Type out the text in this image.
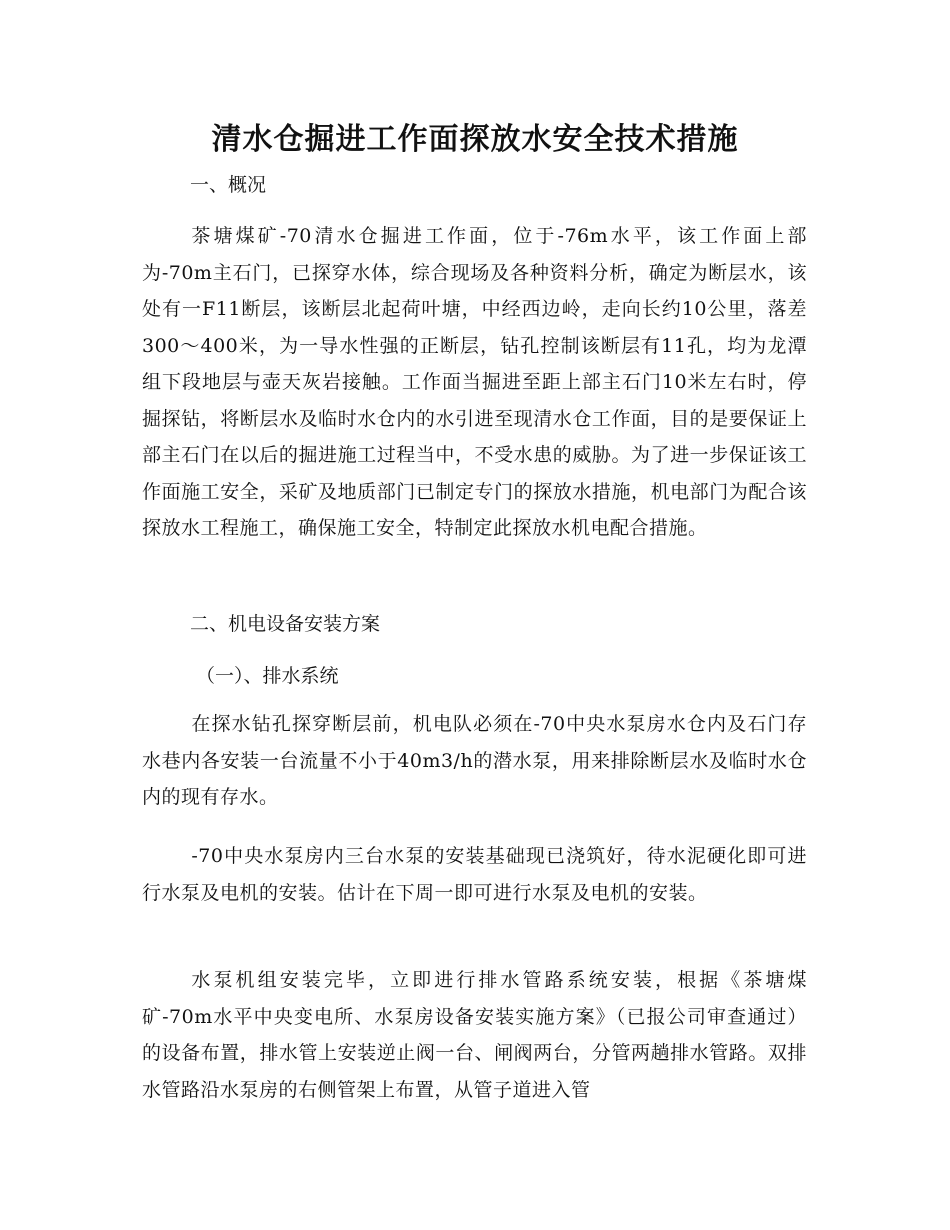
清水仓掘进工作面探放水安全技术措施

一、概况

茶塘煤矿-70清水仓掘进工作面，位于-76m水平，该工作面上部为-70m主石门，已探穿水体，综合现场及各种资料分析，确定为断层水，该处有一F11断层，该断层北起荷叶塘，中经西边岭，走向长约10公里，落差300～400米，为一导水性强的正断层，钻孔控制该断层有11孔，均为龙潭组下段地层与壶天灰岩接触。工作面当掘进至距上部主石门10米左右时，停掘探钻，将断层水及临时水仓内的水引进至现清水仓工作面，目的是要保证上部主石门在以后的掘进施工过程当中，不受水患的威胁。为了进一步保证该工作面施工安全，采矿及地质部门已制定专门的探放水措施，机电部门为配合该探放水工程施工，确保施工安全，特制定此探放水机电配合措施。

二、机电设备安装方案

（一）、排水系统

在探水钻孔探穿断层前，机电队必须在-70中央水泵房水仓内及石门存水巷内各安装一台流量不小于40m3/h的潜水泵，用来排除断层水及临时水仓内的现有存水。

-70中央水泵房内三台水泵的安装基础现已浇筑好，待水泥硬化即可进行水泵及电机的安装。估计在下周一即可进行水泵及电机的安装。

水泵机组安装完毕，立即进行排水管路系统安装，根据《茶塘煤矿-70m水平中央变电所、水泵房设备安装实施方案》（已报公司审查通过）的设备布置，排水管上安装逆止阀一台、闸阀两台，分管两趟排水管路。双排水管路沿水泵房的右侧管架上布置，从管子道进入管
